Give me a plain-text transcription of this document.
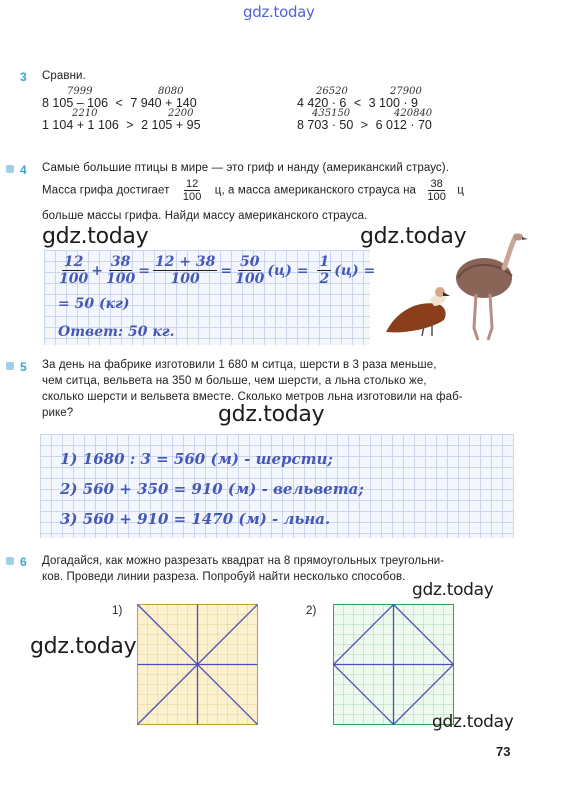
gdz.today
3 Сравни.
7999	8080
8 105 – 106 < 7 940 + 140
2210	2200
1 104 + 1 106 > 2 105 + 95
26520	27900
4 420 · 6 < 3 100 · 9
435150	420840
8 703 · 50 > 6 012 · 70
4 Самые большие птицы в мире — это гриф и нанду (американский страус).
Масса грифа достигает $\frac{12}{100} ц$, а масса американского страуса на $\frac{38}{100}$ ц
больше массы грифа. Найди массу американского страуса.
gdz.today	gdz.today
$\frac{12}{100} + \frac{38}{100} = \frac{12 + 38}{100} = \frac{50}{100} (ц) = \frac{1}{2} (ц)$ =
= 50 (кг)
Ответ: 50 кг.
5 За день на фабрике изготовили 1 680 м ситца, шерсти в 3 раза меньше,
чем ситца, вельвета на 350 м больше, чем шерсти, а льна столько же,
сколько шерсти и вельвета вместе. Сколько метров льна изготовили на фаб-
рике?	gdz.today
1) 1680 : 3 = 560 (м) - шерсти;
2) 560 + 350 = 910 (м) - вельвета;
3) 560 + 910 = 1470 (м) - льна.
6 Догадайся, как можно разрезать квадрат на 8 прямоугольных треугольни-
ков. Проведи линии разреза. Попробуй найти несколько способов.
gdz.today
gdz.today
1)	2)
gdz.today
73
